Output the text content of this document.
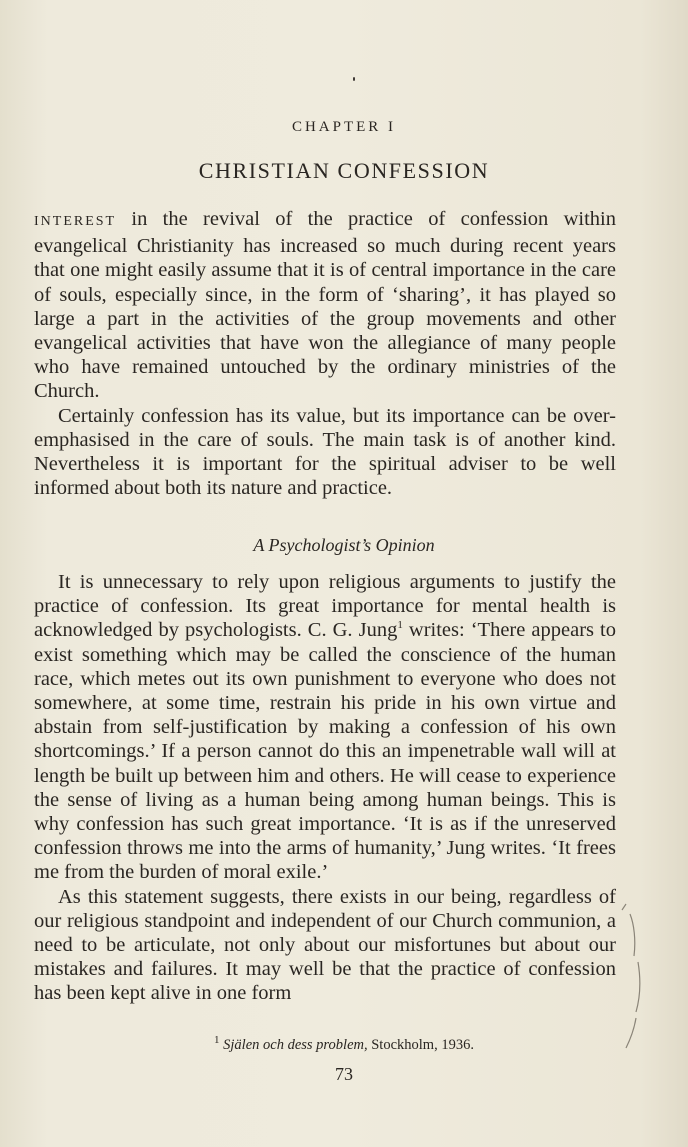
CHAPTER I
CHRISTIAN CONFESSION

INTEREST in the revival of the practice of confession within evangelical Christianity has increased so much during recent years that one might easily assume that it is of central importance in the care of souls, especially since, in the form of ‘sharing’, it has played so large a part in the activities of the group movements and other evangelical activities that have won the allegiance of many people who have remained untouched by the ordinary ministries of the Church.

Certainly confession has its value, but its importance can be over-emphasised in the care of souls. The main task is of another kind. Nevertheless it is important for the spiritual adviser to be well informed about both its nature and practice.

A Psychologist’s Opinion

It is unnecessary to rely upon religious arguments to justify the practice of confession. Its great importance for mental health is acknowledged by psychologists. C. G. Jung$^1$ writes: ‘There appears to exist something which may be called the conscience of the human race, which metes out its own punishment to everyone who does not somewhere, at some time, restrain his pride in his own virtue and abstain from self-justification by making a confession of his own shortcomings.’ If a person cannot do this an impenetrable wall will at length be built up between him and others. He will cease to experience the sense of living as a human being among human beings. This is why confession has such great importance. ‘It is as if the unreserved confession throws me into the arms of humanity,’ Jung writes. ‘It frees me from the burden of moral exile.’

As this statement suggests, there exists in our being, regardless of our religious standpoint and independent of our Church communion, a need to be articulate, not only about our misfortunes but about our mistakes and failures. It may well be that the practice of confession has been kept alive in one form

$^1$ Själen och dess problem, Stockholm, 1936.
73
